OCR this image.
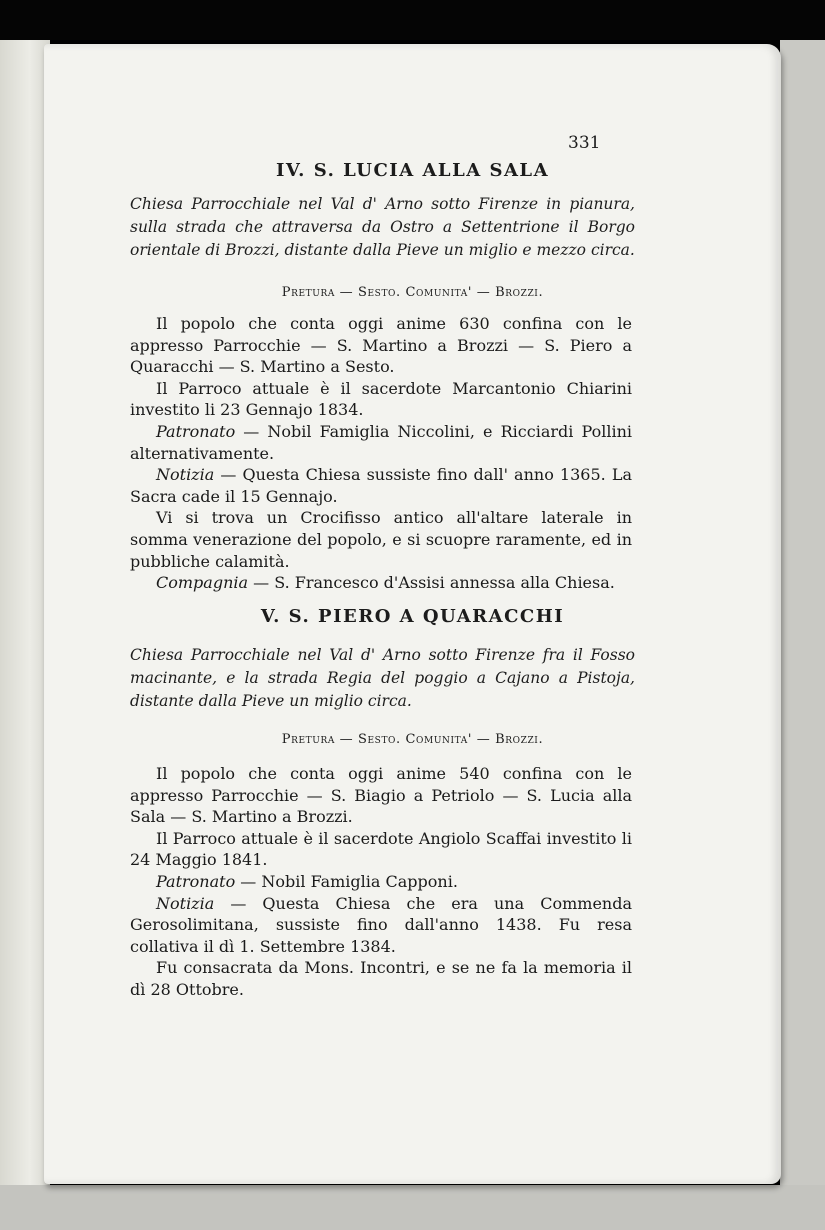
331
IV. S. LUCIA ALLA SALA
Chiesa Parrocchiale nel Val d' Arno sotto Firenze in pianura, sulla strada che attraversa da Ostro a Settentrione il Borgo orientale di Brozzi, distante dalla Pieve un miglio e mezzo circa.
Pretura — Sesto. Comunita' — Brozzi.

Il popolo che conta oggi anime 630 confina con le appresso Parrocchie — S. Martino a Brozzi — S. Piero a Quaracchi — S. Martino a Sesto.

Il Parroco attuale è il sacerdote Marcantonio Chiarini investito li 23 Gennajo 1834.

Patronato — Nobil Famiglia Niccolini, e Ricciardi Pollini alternativamente.

Notizia — Questa Chiesa sussiste fino dall' anno 1365. La Sacra cade il 15 Gennajo.

Vi si trova un Crocifisso antico all'altare laterale in somma venerazione del popolo, e si scuopre raramente, ed in pubbliche calamità.

Compagnia — S. Francesco d'Assisi annessa alla Chiesa.

V. S. PIERO A QUARACCHI
Chiesa Parrocchiale nel Val d' Arno sotto Firenze fra il Fosso macinante, e la strada Regia del poggio a Cajano a Pistoja, distante dalla Pieve un miglio circa.
Pretura — Sesto. Comunita' — Brozzi.

Il popolo che conta oggi anime 540 confina con le appresso Parrocchie — S. Biagio a Petriolo — S. Lucia alla Sala — S. Martino a Brozzi.

Il Parroco attuale è il sacerdote Angiolo Scaffai investito li 24 Maggio 1841.

Patronato — Nobil Famiglia Capponi.

Notizia — Questa Chiesa che era una Commenda Gerosolimitana, sussiste fino dall'anno 1438. Fu resa collativa il dì 1. Settembre 1384.

Fu consacrata da Mons. Incontri, e se ne fa la memoria il dì 28 Ottobre.
